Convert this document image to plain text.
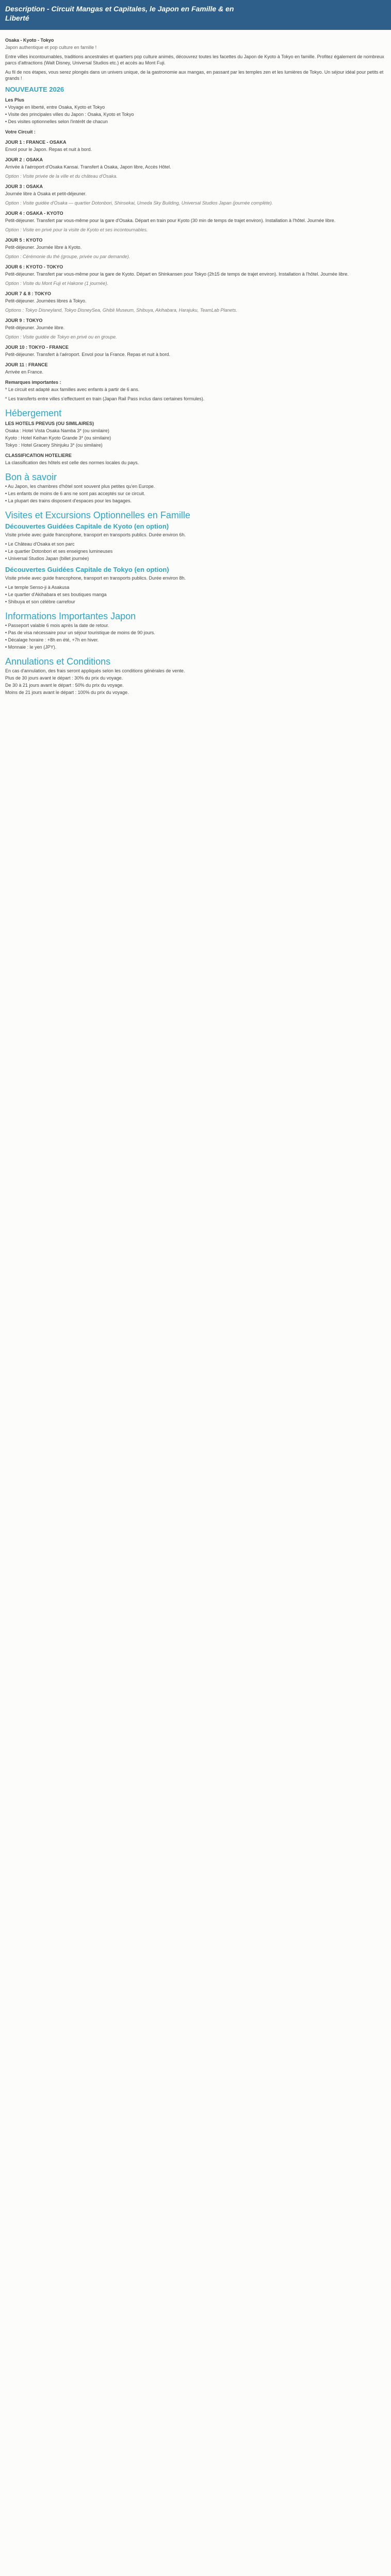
Description - Circuit Mangas et Capitales, le Japon en Famille & en
Liberté
Osaka - Kyoto - Tokyo
Japon authentique et pop culture en famille !
Entre villes incontournables, traditions ancestrales et quartiers pop culture animés, découvrez toutes les facettes du Japon de Kyoto à Tokyo en famille. Profitez également de nombreux parcs d'attractions (Walt Disney, Universal Studios etc.) et accès au Mont Fuji.
Au fil de nos étapes, vous serez plongés dans un univers unique, de la gastronomie aux mangas, en passant par les temples zen et les lumières de Tokyo. Un séjour idéal pour petits et grands !
NOUVEAUTE 2026
Les Plus
• Voyage en liberté, entre Osaka, Kyoto et Tokyo
• Visite des principales villes du Japon : Osaka, Kyoto et Tokyo
• Des visites optionnelles selon l'intérêt de chacun
Votre Circuit :
JOUR 1 : FRANCE - OSAKA
Envol pour le Japon. Repas et nuit à bord.
JOUR 2 : OSAKA
Arrivée à l'aéroport d'Osaka Kansai. Transfert à Osaka, Japon libre, Accès Hôtel.
Option : Visite privée de la ville et du château d'Osaka.
JOUR 3 : OSAKA
Journée libre à Osaka et petit-déjeuner.
Option : Visite guidée d'Osaka — quartier Dotonbori, Shinsekai, Umeda Sky Building, Universal Studios Japan (journée complète).
JOUR 4 : OSAKA - KYOTO
Petit-déjeuner. Transfert par vous-même pour la gare d'Osaka. Départ en train pour Kyoto (30 min de temps de trajet environ). Installation à l'hôtel. Journée libre.
Option : Visite en privé pour la visite de Kyoto et ses incontournables.
JOUR 5 : KYOTO
Petit-déjeuner. Journée libre à Kyoto.
Option : Cérémonie du thé (groupe, privée ou par demande).
JOUR 6 : KYOTO - TOKYO
Petit-déjeuner. Transfert par vous-même pour la gare de Kyoto. Départ en Shinkansen pour Tokyo (2h15 de temps de trajet environ). Installation à l'hôtel. Journée libre.
Option : Visite du Mont Fuji et Hakone (1 journée).
JOUR 7 & 8 : TOKYO
Petit-déjeuner. Journées libres à Tokyo.
Options : Tokyo Disneyland, Tokyo DisneySea, Ghibli Museum, Shibuya, Akihabara, Harajuku, TeamLab Planets.
JOUR 9 : TOKYO
Petit-déjeuner. Journée libre.
Option : Visite guidée de Tokyo en privé ou en groupe.
JOUR 10 : TOKYO - FRANCE
Petit-déjeuner. Transfert à l'aéroport. Envol pour la France. Repas et nuit à bord.
JOUR 11 : FRANCE
Arrivée en France.
Remarques importantes :
* Le circuit est adapté aux familles avec enfants à partir de 6 ans.
* Les transferts entre villes s'effectuent en train (Japan Rail Pass inclus dans certaines formules).
Hébergement
LES HOTELS PREVUS (OU SIMILAIRES)
Osaka : Hotel Vista Osaka Namba 3* (ou similaire)
Kyoto : Hotel Keihan Kyoto Grande 3* (ou similaire)
Tokyo : Hotel Gracery Shinjuku 3* (ou similaire)
CLASSIFICATION HOTELIERE
La classification des hôtels est celle des normes locales du pays.
Bon à savoir
• Au Japon, les chambres d'hôtel sont souvent plus petites qu'en Europe.
• Les enfants de moins de 6 ans ne sont pas acceptés sur ce circuit.
• La plupart des trains disposent d'espaces pour les bagages.
Visites et Excursions Optionnelles en Famille
Découvertes Guidées Capitale de Kyoto (en option)
Visite privée avec guide francophone, transport en transports publics. Durée environ 6h.
• Le Château d'Osaka et son parc
• Le quartier Dotonbori et ses enseignes lumineuses
• Universal Studios Japan (billet journée)
Découvertes Guidées Capitale de Tokyo (en option)
Visite privée avec guide francophone, transport en transports publics. Durée environ 8h.
• Le temple Senso-ji à Asakusa
• Le quartier d'Akihabara et ses boutiques manga
• Shibuya et son célèbre carrefour
Informations Importantes Japon
• Passeport valable 6 mois après la date de retour.
• Pas de visa nécessaire pour un séjour touristique de moins de 90 jours.
• Décalage horaire : +8h en été, +7h en hiver.
• Monnaie : le yen (JPY).
Annulations et Conditions
En cas d'annulation, des frais seront appliqués selon les conditions générales de vente.
Plus de 30 jours avant le départ : 30% du prix du voyage.
De 30 à 21 jours avant le départ : 50% du prix du voyage.
Moins de 21 jours avant le départ : 100% du prix du voyage.
